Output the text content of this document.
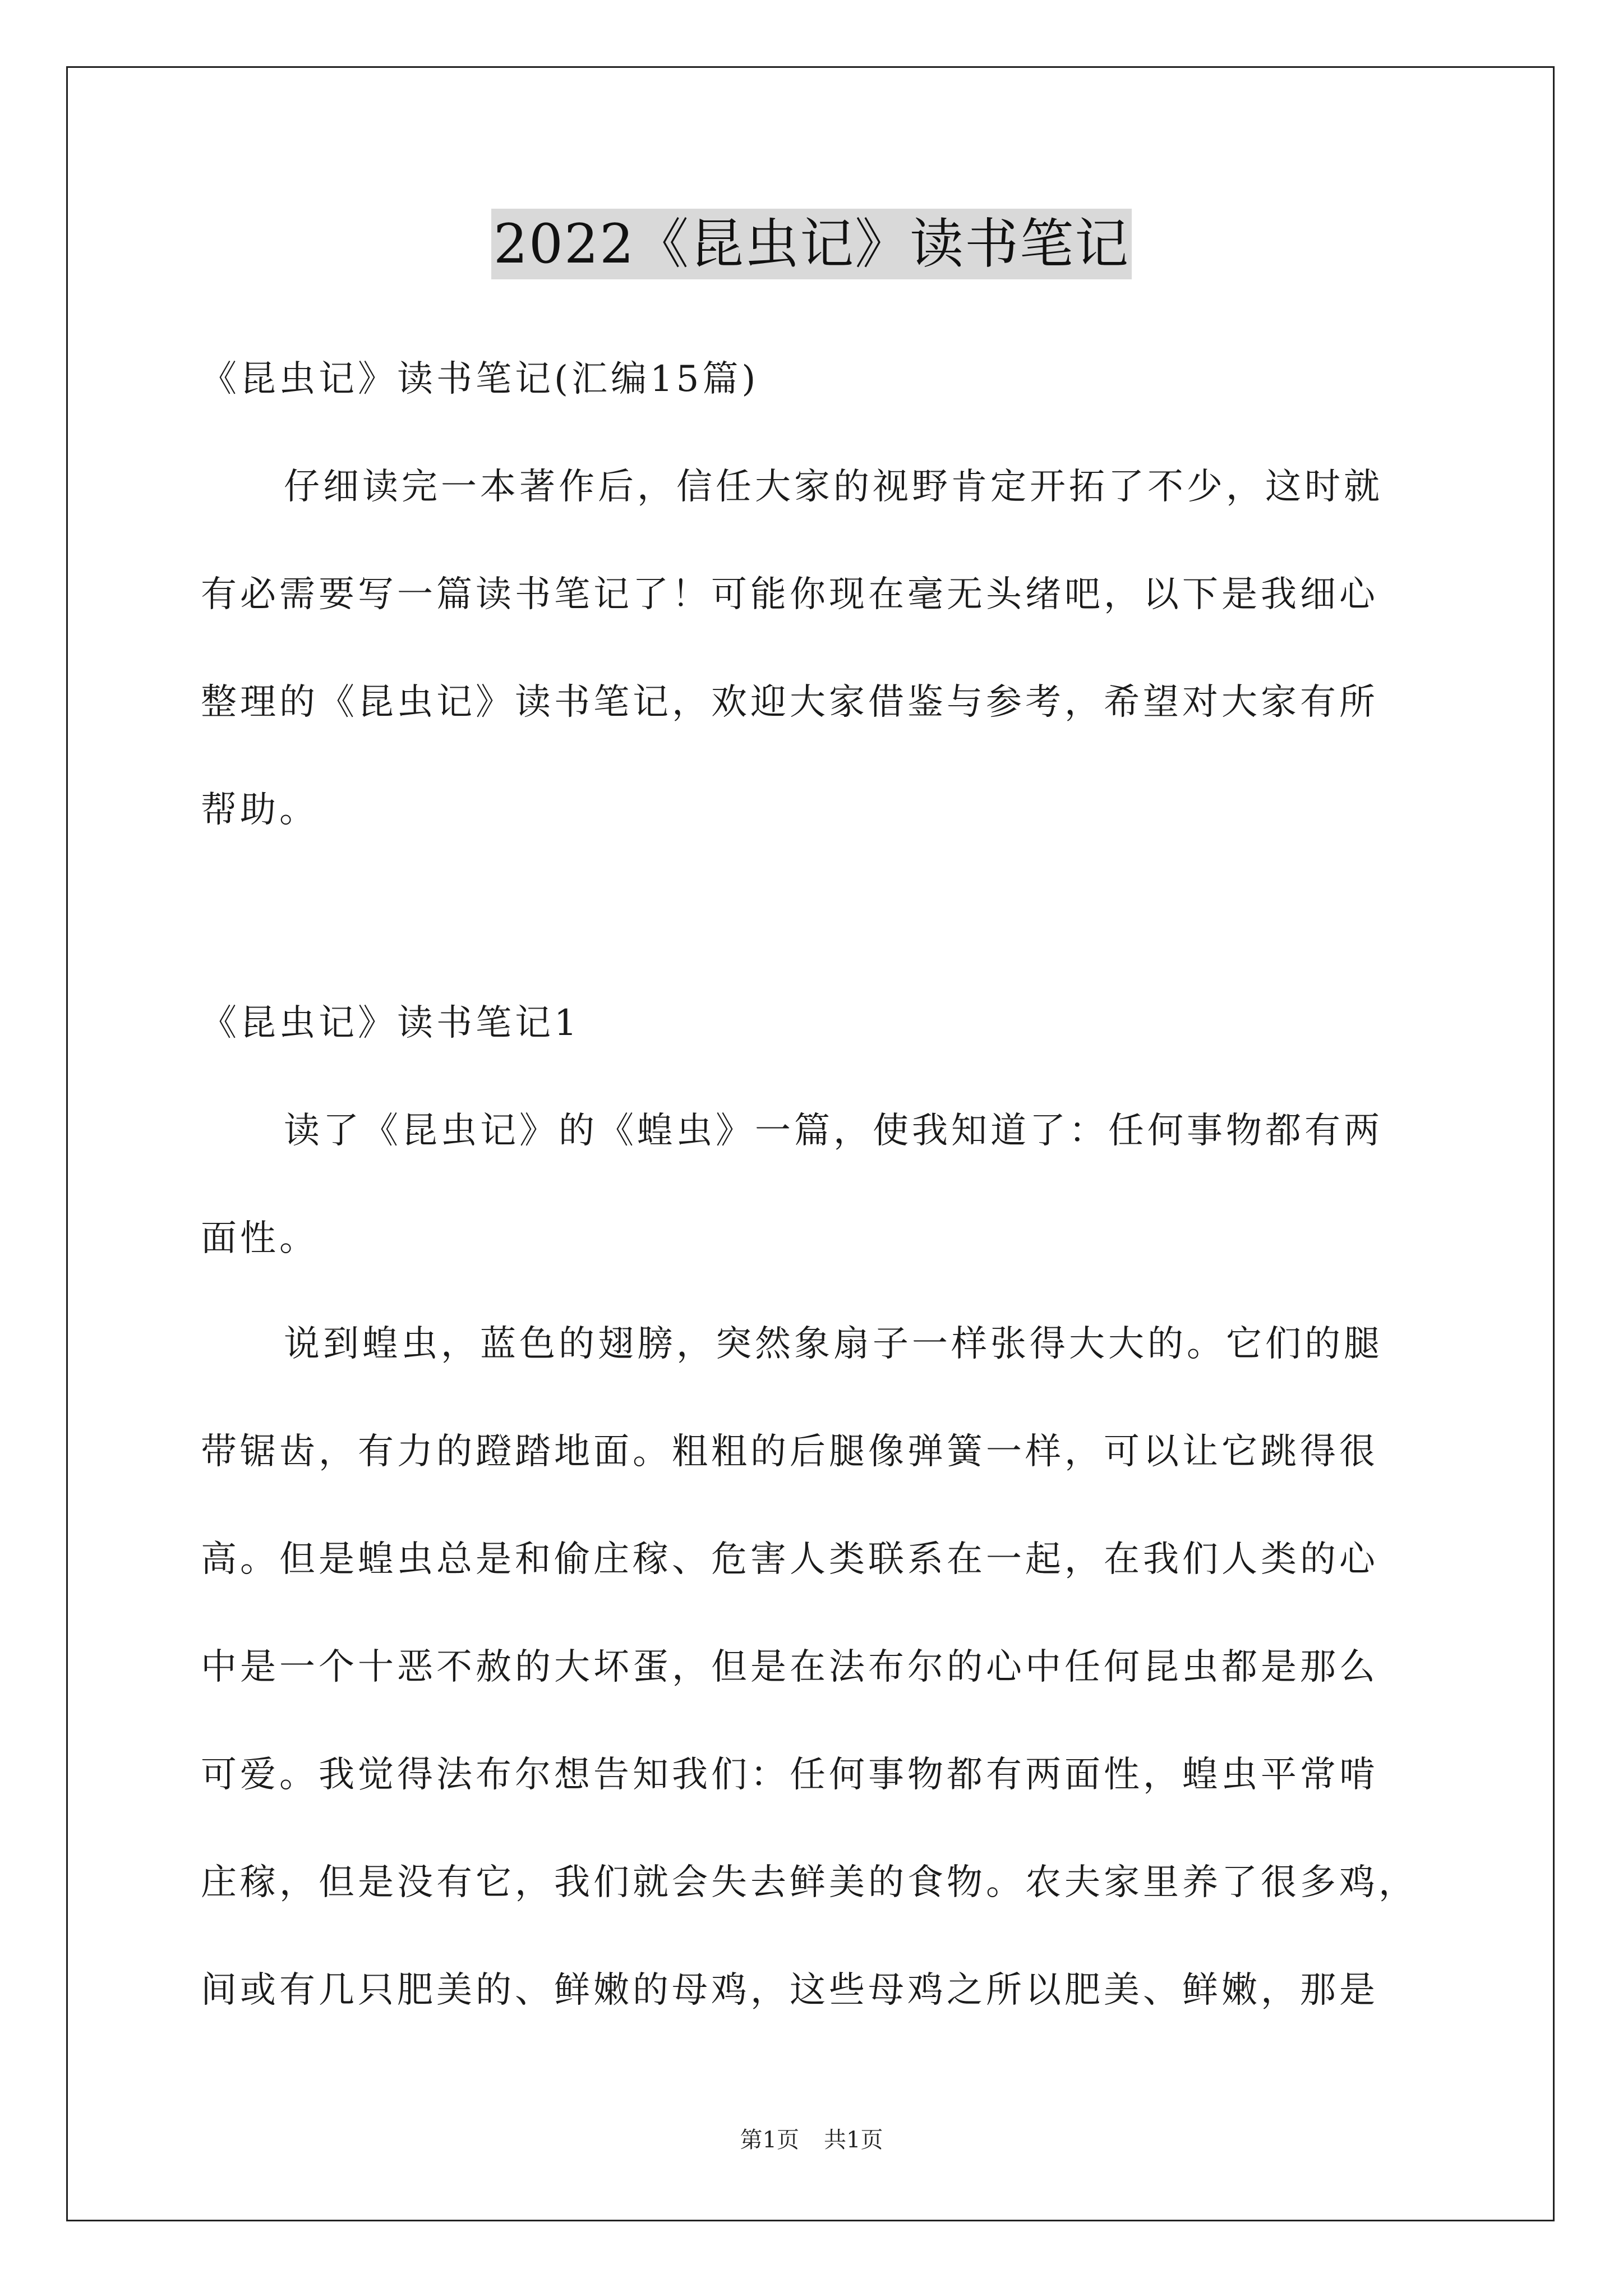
2022《昆虫记》读书笔记
《昆虫记》读书笔记(汇编15篇)
仔细读完一本著作后，信任大家的视野肯定开拓了不少，这时就
有必需要写一篇读书笔记了！可能你现在毫无头绪吧，以下是我细心
整理的《昆虫记》读书笔记，欢迎大家借鉴与参考，希望对大家有所
帮助。
《昆虫记》读书笔记1
读了《昆虫记》的《蝗虫》一篇，使我知道了：任何事物都有两
面性。
说到蝗虫，蓝色的翅膀，突然象扇子一样张得大大的。它们的腿
带锯齿，有力的蹬踏地面。粗粗的后腿像弹簧一样，可以让它跳得很
高。但是蝗虫总是和偷庄稼、危害人类联系在一起，在我们人类的心
中是一个十恶不赦的大坏蛋，但是在法布尔的心中任何昆虫都是那么
可爱。我觉得法布尔想告知我们：任何事物都有两面性，蝗虫平常啃
庄稼，但是没有它，我们就会失去鲜美的食物。农夫家里养了很多鸡，
间或有几只肥美的、鲜嫩的母鸡，这些母鸡之所以肥美、鲜嫩，那是
第1页 共1页
